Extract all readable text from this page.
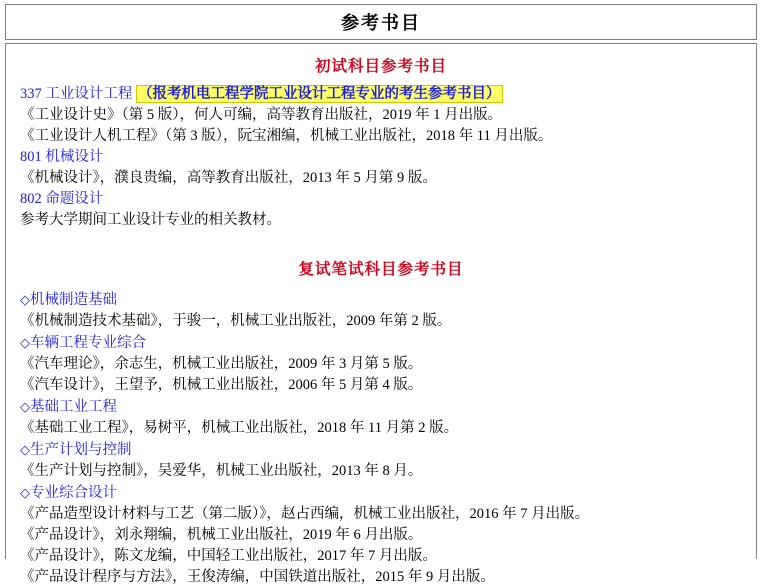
参考书目
初试科目参考书目
337 工业设计工程 （报考机电工程学院工业设计工程专业的考生参考书目）
《工业设计史》（第 5 版），何人可编，高等教育出版社，2019 年 1 月出版。
《工业设计人机工程》（第 3 版），阮宝湘编，机械工业出版社，2018 年 11 月出版。
801 机械设计
《机械设计》，濮良贵编，高等教育出版社，2013 年 5 月第 9 版。
802 命题设计
参考大学期间工业设计专业的相关教材。
复试笔试科目参考书目
◇机械制造基础
《机械制造技术基础》，于骏一，机械工业出版社，2009 年第 2 版。
◇车辆工程专业综合
《汽车理论》，余志生，机械工业出版社，2009 年 3 月第 5 版。
《汽车设计》，王望予，机械工业出版社，2006 年 5 月第 4 版。
◇基础工业工程
《基础工业工程》，易树平，机械工业出版社，2018 年 11 月第 2 版。
◇生产计划与控制
《生产计划与控制》，吴爱华，机械工业出版社，2013 年 8 月。
◇专业综合设计
《产品造型设计材料与工艺（第二版）》，赵占西编，机械工业出版社，2016 年 7 月出版。
《产品设计》，刘永翔编，机械工业出版社，2019 年 6 月出版。
《产品设计》，陈文龙编，中国轻工业出版社，2017 年 7 月出版。
《产品设计程序与方法》，王俊涛编，中国铁道出版社，2015 年 9 月出版。
